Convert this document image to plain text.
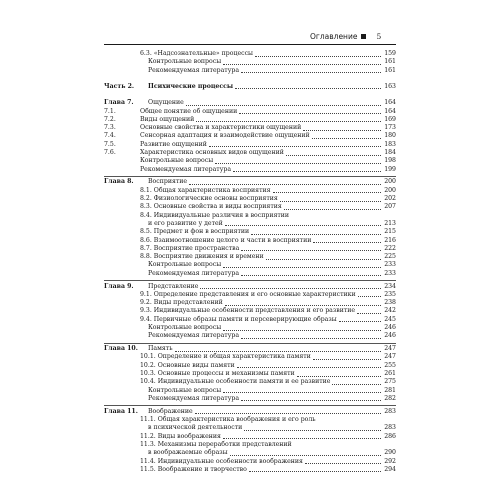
Оглавление	5
6.3. «Надсознательные» процессы	159
Контрольные вопросы	161
Рекомендуемая литература	161
Часть 2. Психические процессы	163
Глава 7. Ощущение	164
7.1.	Общее понятие об ощущении	164
7.2.	Виды ощущений	169
7.3.	Основные свойства и характеристики ощущений	173
7.4.	Сенсорная адаптация и взаимодействие ощущений	180
7.5.	Развитие ощущений	183
7.6.	Характеристика основных видов ощущений	184
Контрольные вопросы	198
Рекомендуемая литература	199
Глава 8. Восприятие	200
8.1. Общая характеристика восприятия	200
8.2. Физиологические основы восприятия	202
8.3. Основные свойства и виды восприятия	207
8.4. Индивидуальные различия в восприятии
и его развитие у детей	213
8.5. Предмет и фон в восприятии	215
8.6. Взаимоотношение целого и части в восприятии	216
8.7. Восприятие пространства	222
8.8. Восприятие движения и времени	225
Контрольные вопросы	233
Рекомендуемая литература	233
Глава 9. Представление	234
9.1. Определение представления и его основные характеристики	235
9.2. Виды представлений	238
9.3. Индивидуальные особенности представления и его развитие	242
9.4. Первичные образы памяти и персеверирующие образы	245
Контрольные вопросы	246
Рекомендуемая литература	246
Глава 10. Память	247
10.1. Определение и общая характеристика памяти	247
10.2. Основные виды памяти	255
10.3. Основные процессы и механизмы памяти	261
10.4. Индивидуальные особенности памяти и ее развитие	275
Контрольные вопросы	281
Рекомендуемая литература	282
Глава 11. Воображение	283
11.1. Общая характеристика воображения и его роль
в психической деятельности	283
11.2. Виды воображения	286
11.3. Механизмы переработки представлений
в воображаемые образы	290
11.4. Индивидуальные особенности воображения	292
11.5. Воображение и творчество	294
